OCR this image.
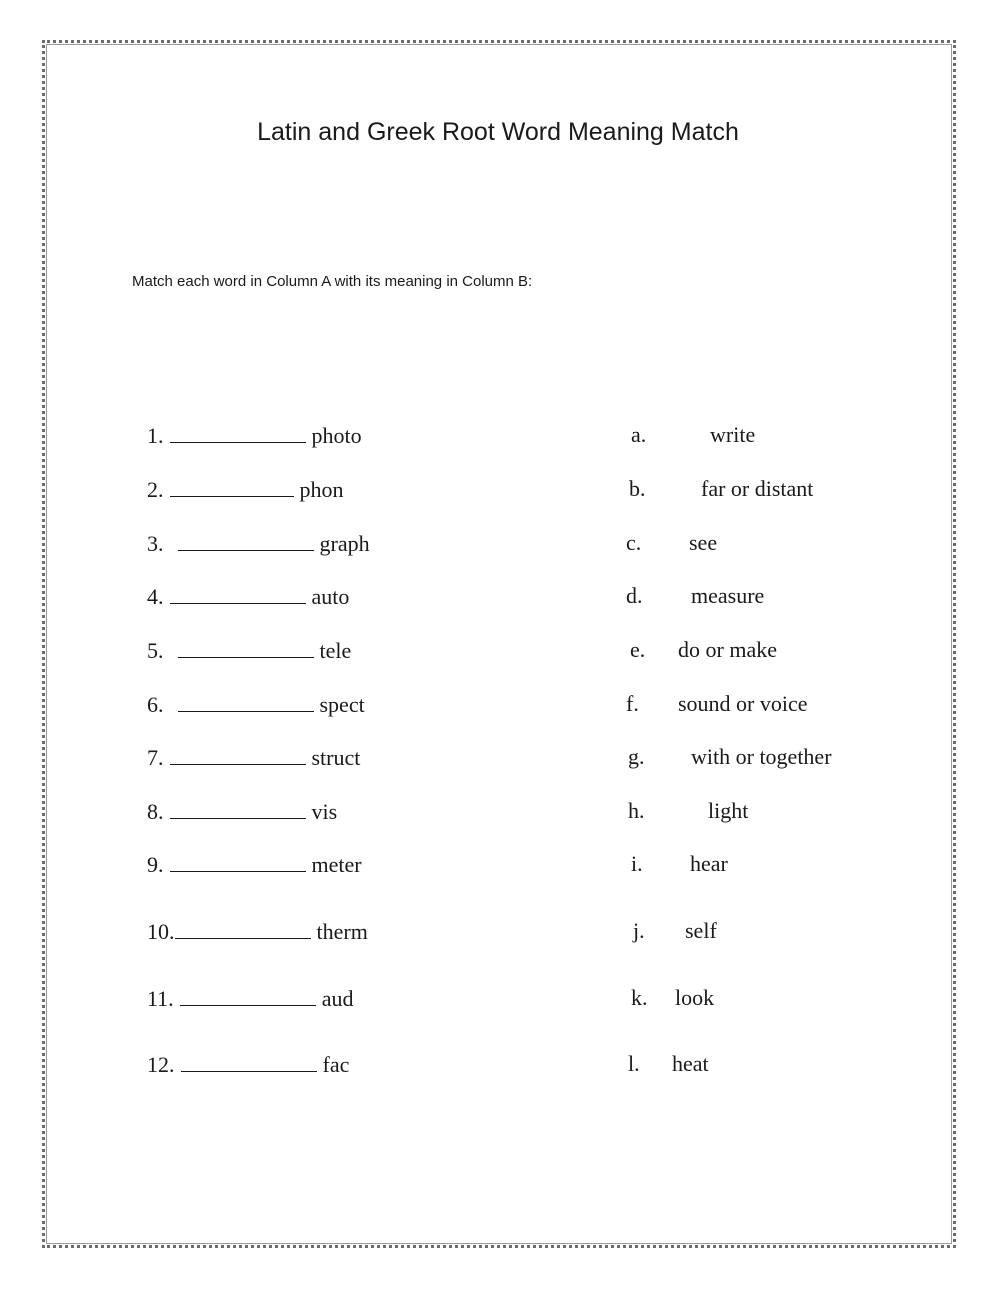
Latin and Greek Root Word Meaning Match
Match each word in Column A with its meaning in Column B:
1.	photo	a.	write
2.	phon	b.	far or distant
3.	graph	c.	see
4.	auto	d.	measure
5.	tele	e.	do or make
6.	spect	f.	sound or voice
7.	struct	g.	with or together
8.	vis	h.	light
9.	meter	i.	hear
10.	therm	j.	self
11.	aud	k.	look
12.	fac	l.	heat
